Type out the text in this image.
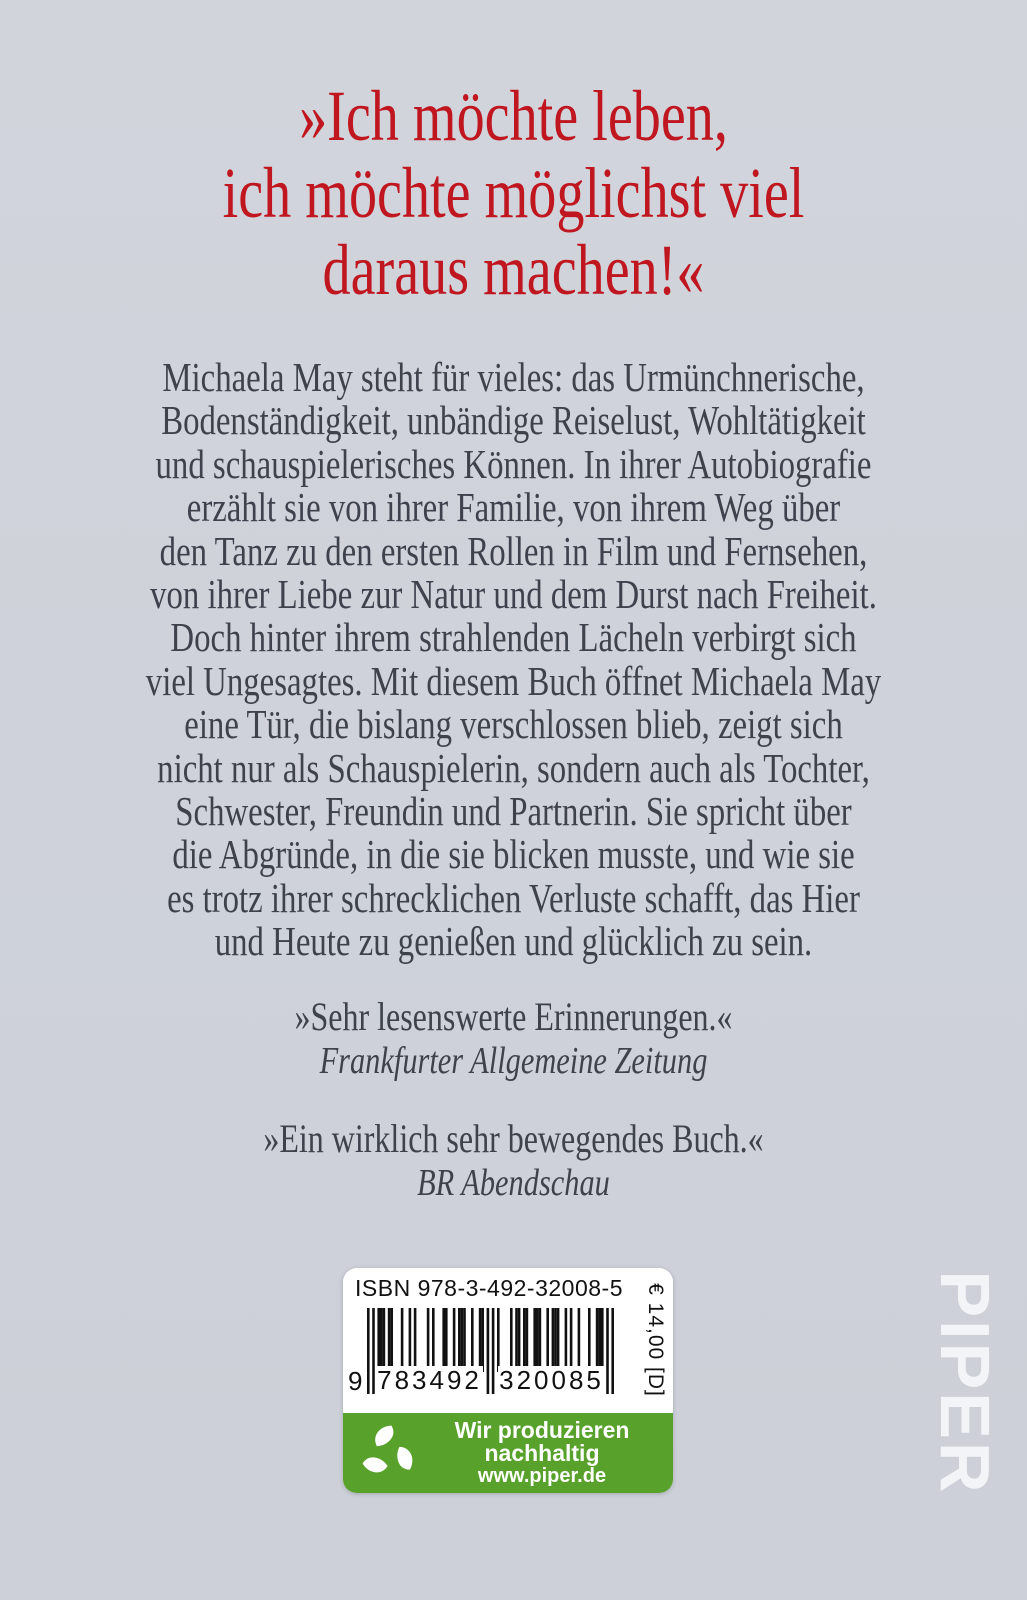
»Ich möchte leben,
ich möchte möglichst viel
daraus machen!«
Michaela May steht für vieles: das Urmünchnerische,
Bodenständigkeit, unbändige Reiselust, Wohltätigkeit
und schauspielerisches Können. In ihrer Autobiografie
erzählt sie von ihrer Familie, von ihrem Weg über
den Tanz zu den ersten Rollen in Film und Fernsehen,
von ihrer Liebe zur Natur und dem Durst nach Freiheit.
Doch hinter ihrem strahlenden Lächeln verbirgt sich
viel Ungesagtes. Mit diesem Buch öffnet Michaela May
eine Tür, die bislang verschlossen blieb, zeigt sich
nicht nur als Schauspielerin, sondern auch als Tochter,
Schwester, Freundin und Partnerin. Sie spricht über
die Abgründe, in die sie blicken musste, und wie sie
es trotz ihrer schrecklichen Verluste schafft, das Hier
und Heute zu genießen und glücklich zu sein.
»Sehr lesenswerte Erinnerungen.«
Frankfurter Allgemeine Zeitung
»Ein wirklich sehr bewegendes Buch.«
BR Abendschau
ISBN 978-3-492-32008-5
9 783492 320085 € 14,00 [D]
Wir produzieren
nachhaltig
www.piper.de	PIPER
